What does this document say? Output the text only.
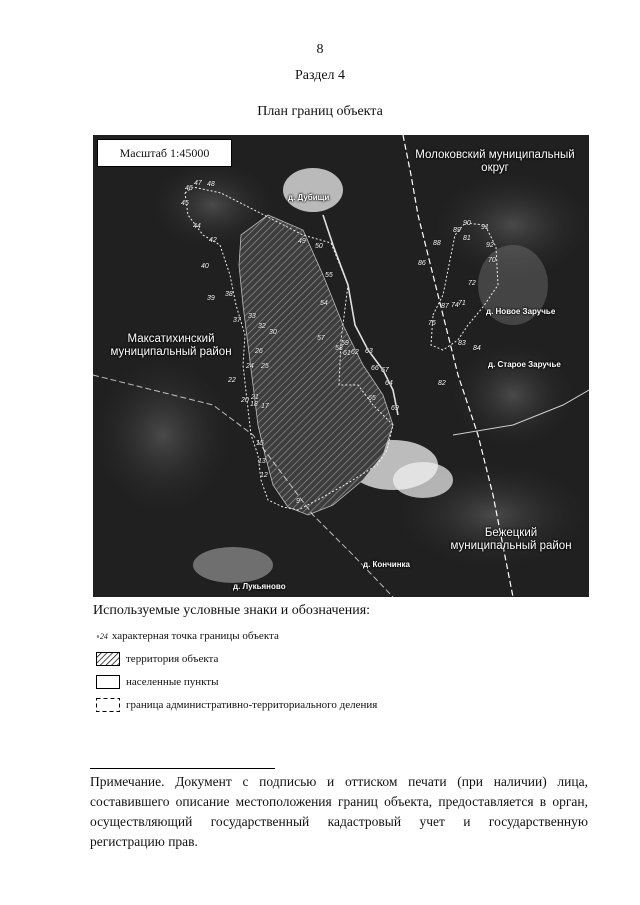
8
Раздел 4
План границ объекта
Масштаб 1:45000	Молоковский муниципальный округ
Максатихинский муниципальный район
Бежецкий муниципальный район
д. Дубищи
д. Новое Заручье
д. Старое Заручье
д. Кончинка
д. Лукьяново
46
47 48
45
44
42
40
39
38
37
33
32
30
26
25
24
22
21
20
18 17
15
13
12
9
49
50
54
55
57
58
59
61 62 63
64
65
66 67
69
71
72
74
76
81
88
89
90
91
92
70
82
83
84
86
87
Используемые условные знаки и обозначения:
∘24 характерная точка границы объекта
территория объекта
населенные пункты
граница административно-территориального деления
Примечание. Документ с подписью и оттиском печати (при наличии) лица, составившего описание местоположения границ объекта, предоставляется в орган, осуществляющий государственный кадастровый учет и государственную регистрацию прав.
